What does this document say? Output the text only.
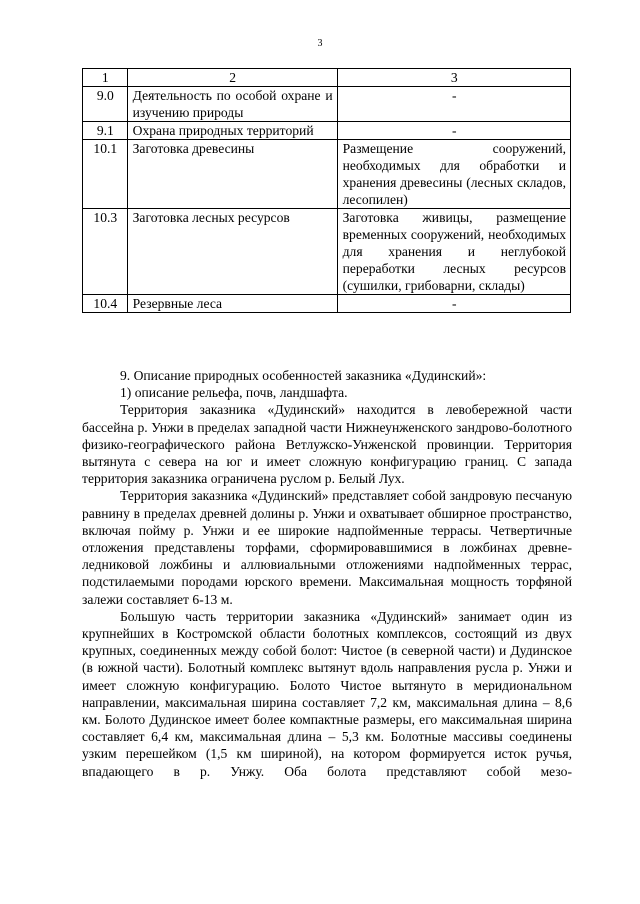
3
1	2	3
9.0	Деятельность по особой охране и изучению природы	-
9.1	Охрана природных территорий	-
10.1	Заготовка древесины	Размещение сооружений, необходимых для обработки и хранения древесины (лесных складов, лесопилен)
10.3	Заготовка лесных ресурсов	Заготовка живицы, размещение временных сооружений, необходимых для хранения и неглубокой переработки лесных ресурсов (сушилки, грибоварни, склады)
10.4	Резервные леса	-

9. Описание природных особенностей заказника «Дудинский»:

1) описание рельефа, почв, ландшафта.

Территория заказника «Дудинский» находится в левобережной части бассейна р. Унжи в пределах западной части Нижнеунженского зандрово-болотного физико-географического района Ветлужско-Унженской провинции. Территория вытянута с севера на юг и имеет сложную конфигурацию границ. С запада территория заказника ограничена руслом р. Белый Лух.

Территория заказника «Дудинский» представляет собой зандровую песчаную равнину в пределах древней долины р. Унжи и охватывает обширное пространство, включая пойму р. Унжи и ее широкие надпойменные террасы. Четвертичные отложения представлены торфами, сформировавшимися в ложбинах древне-ледниковой ложбины и аллювиальными отложениями надпойменных террас, подстилаемыми породами юрского времени. Максимальная мощность торфяной залежи составляет 6-13 м.

Большую часть территории заказника «Дудинский» занимает один из крупнейших в Костромской области болотных комплексов, состоящий из двух крупных, соединенных между собой болот: Чистое (в северной части) и Дудинское (в южной части). Болотный комплекс вытянут вдоль направления русла р. Унжи и имеет сложную конфигурацию. Болото Чистое вытянуто в меридиональном направлении, максимальная ширина составляет 7,2 км, максимальная длина – 8,6 км. Болото Дудинское имеет более компактные размеры, его максимальная ширина составляет 6,4 км, максимальная длина – 5,3 км. Болотные массивы соединены узким перешейком (1,5 км шириной), на котором формируется исток ручья, впадающего в р. Унжу. Оба болота представляют собой мезо-
